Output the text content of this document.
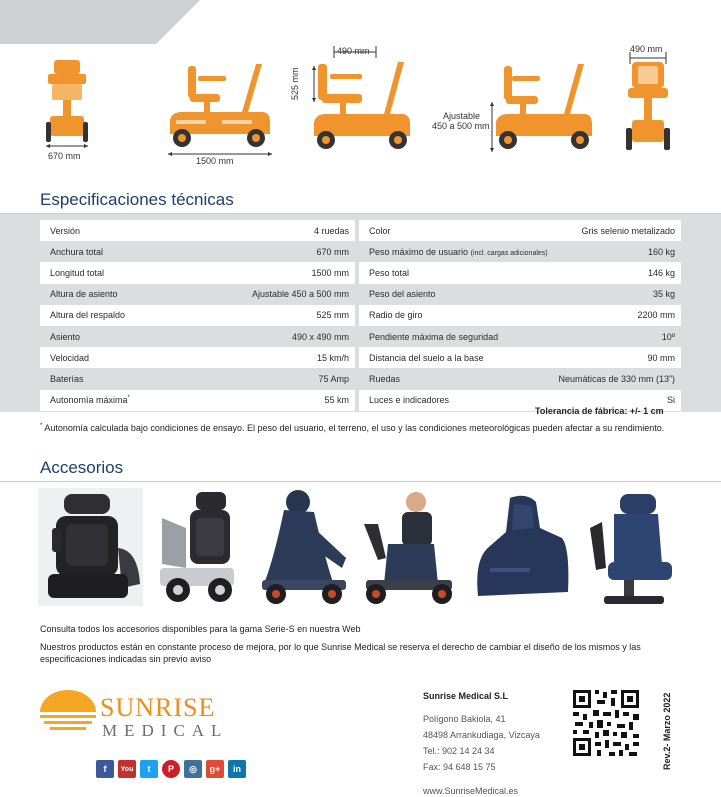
670 mm	1500 mm
490 mm
525 mm
Ajustable
450 a 500 mm
490 mm
Especificaciones técnicas
Versión	4 ruedas
Anchura total	670 mm
Longitud total	1500 mm
Altura de asiento	Ajustable 450 a 500 mm
Altura del respaldo	525 mm
Asiento	490 x 490 mm
Velocidad	15 km/h
Baterías	75 Amp
Autonomía máxima*	55 km
Color	Gris selenio metalizado
Peso máximo de usuario (incl. cargas adicionales)	160 kg
Peso total	146 kg
Peso del asiento	35 kg
Radio de giro	2200 mm
Pendiente máxima de seguridad	10º
Distancia del suelo a la base	90 mm
Ruedas	Neumáticas de 330 mm (13”)
Luces e indicadores	Si
Tolerancia de fábrica: +/- 1 cm
* Autonomía calculada bajo condiciones de ensayo. El peso del usuario, el terreno, el uso y las condiciones meteorológicas pueden afectar a su rendimiento.
Accesorios
Consulta todos los accesorios disponibles para la gama Serie-S en nuestra Web
Nuestros productos están en constante proceso de mejora, por lo que Sunrise Medical se reserva el derecho de cambiar el diseño de los mismos y las especificaciones indicadas sin previo aviso
SUNRISE
MEDICAL
f You t P ◎ g+ in
Sunrise Medical S.L
Polígono Bakiola, 41
48498 Arrankudiaga, Vizcaya
Tel.: 902 14 24 34
Fax: 94 648 15 75
www.SunriseMedical.es
Rev.2- Marzo 2022
